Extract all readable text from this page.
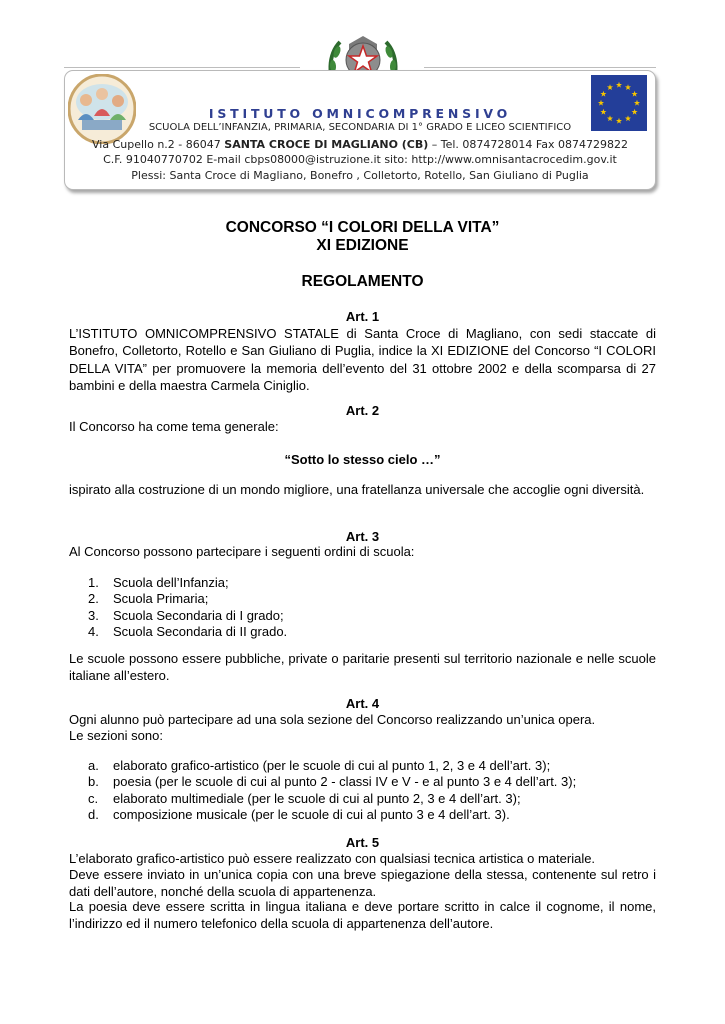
ISTITUTO OMNICOMPRENSIVO
SCUOLA DELL’INFANZIA, PRIMARIA, SECONDARIA DI 1° GRADO E LICEO SCIENTIFICO
Via Cupello n.2 - 86047 SANTA CROCE DI MAGLIANO (CB) – Tel. 0874728014 Fax 0874729822
C.F. 91040770702 E-mail cbps08000@istruzione.it sito: http://www.omnisantacrocedim.gov.it
Plessi: Santa Croce di Magliano, Bonefro , Colletorto, Rotello, San Giuliano di Puglia
CONCORSO “I COLORI DELLA VITA”
XI EDIZIONE
REGOLAMENTO
Art. 1
L’ISTITUTO OMNICOMPRENSIVO STATALE di Santa Croce di Magliano, con sedi staccate di Bonefro, Colletorto, Rotello e San Giuliano di Puglia, indice la XI EDIZIONE del Concorso “I COLORI DELLA VITA” per promuovere la memoria dell’evento del 31 ottobre 2002 e della scomparsa di 27 bambini e della maestra Carmela Ciniglio.
Art. 2
Il Concorso ha come tema generale:
“Sotto lo stesso cielo …”
ispirato alla costruzione di un mondo migliore, una fratellanza universale che accoglie ogni diversità.
Art. 3
Al Concorso possono partecipare i seguenti ordini di scuola:
1. Scuola dell’Infanzia;
2. Scuola Primaria;
3. Scuola Secondaria di I grado;
4. Scuola Secondaria di II grado.
Le scuole possono essere pubbliche, private o paritarie presenti sul territorio nazionale e nelle scuole italiane all’estero.
Art. 4
Ogni alunno può partecipare ad una sola sezione del Concorso realizzando un’unica opera.
Le sezioni sono:
a. elaborato grafico-artistico (per le scuole di cui al punto 1, 2, 3 e 4 dell’art. 3);
b. poesia (per le scuole di cui al punto 2 - classi IV e V - e al punto 3 e 4 dell’art. 3);
c. elaborato multimediale (per le scuole di cui al punto 2, 3 e 4 dell’art. 3);
d. composizione musicale (per le scuole di cui al punto 3 e 4 dell’art. 3).
Art. 5
L’elaborato grafico-artistico può essere realizzato con qualsiasi tecnica artistica o materiale.
Deve essere inviato in un’unica copia con una breve spiegazione della stessa, contenente sul retro i dati dell’autore, nonché della scuola di appartenenza.
La poesia deve essere scritta in lingua italiana e deve portare scritto in calce il cognome, il nome, l’indirizzo ed il numero telefonico della scuola di appartenenza dell’autore.
